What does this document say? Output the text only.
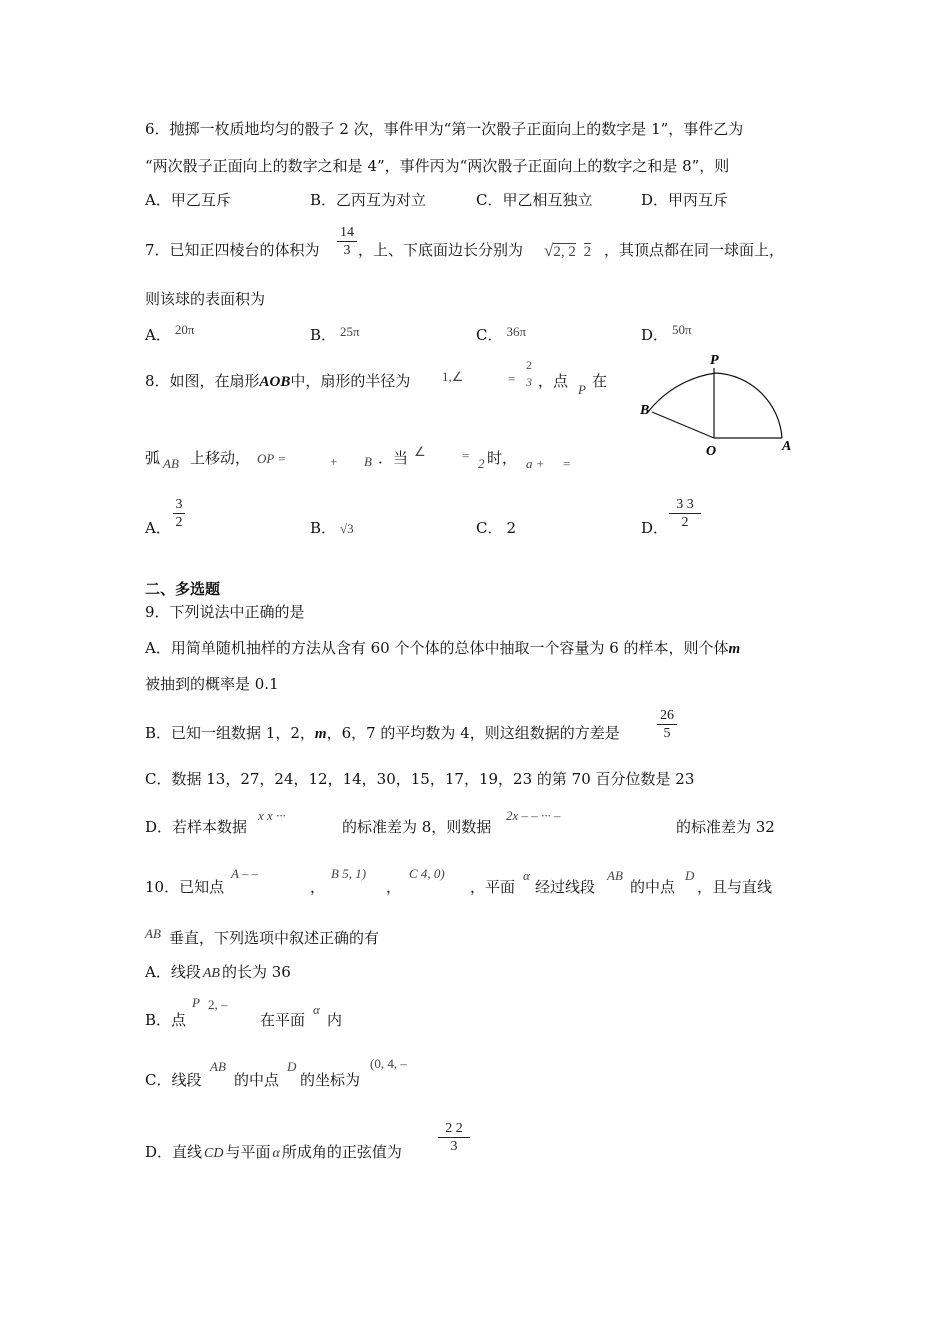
6．抛掷一枚质地均匀的骰子 2 次，事件甲为“第一次骰子正面向上的数字是 1”，事件乙为
“两次骰子正面向上的数字之和是 4”，事件丙为“两次骰子正面向上的数字之和是 8”，则
A．甲乙互斥	B．乙丙互为对立	C．甲乙相互独立	D．甲丙互斥
7．已知正四棱台的体积为
14
3 ，上、下底面边长分别为 √2, 2 2 ，其顶点都在同一球面上，
则该球的表面积为
A． 20π	B． 25π	C． 36π	D． 50π
8．如图，在扇形AOB中，扇形的半径为 1,∠	=
2
3 ，点 P 在
弧 AB 上移动， OP =	+ B ．当 ∠	=
2 时， a + =
P
B
O	A
A．
3
2	B． √3	C． 2	D．
3 3
2
二、多选题
9．下列说法中正确的是
A．用简单随机抽样的方法从含有 60 个个体的总体中抽取一个容量为 6 的样本，则个体m
被抽到的概率是 0.1
B．已知一组数据 1，2，m，6，7 的平均数为 4，则这组数据的方差是
26
5
C．数据 13，27，24，12，14，30，15，17，19，23 的第 70 百分位数是 23
D．若样本数据
x x ···
的标准差为 8，则数据
2x – – ··· –
的标准差为 32
10．已知点
A – –
，
B 5, 1)
，
C 4, 0)
，平面
α
经过线段
AB
的中点
D
，且与直线
AB 垂直，下列选项中叙述正确的有
A．线段 AB 的长为 36
B．点
P 2, –
在平面
α
内
C．线段
AB
的中点
D
的坐标为
(0, 4, –
D．直线 CD 与平面 α 所成角的正弦值为
2 2
3
